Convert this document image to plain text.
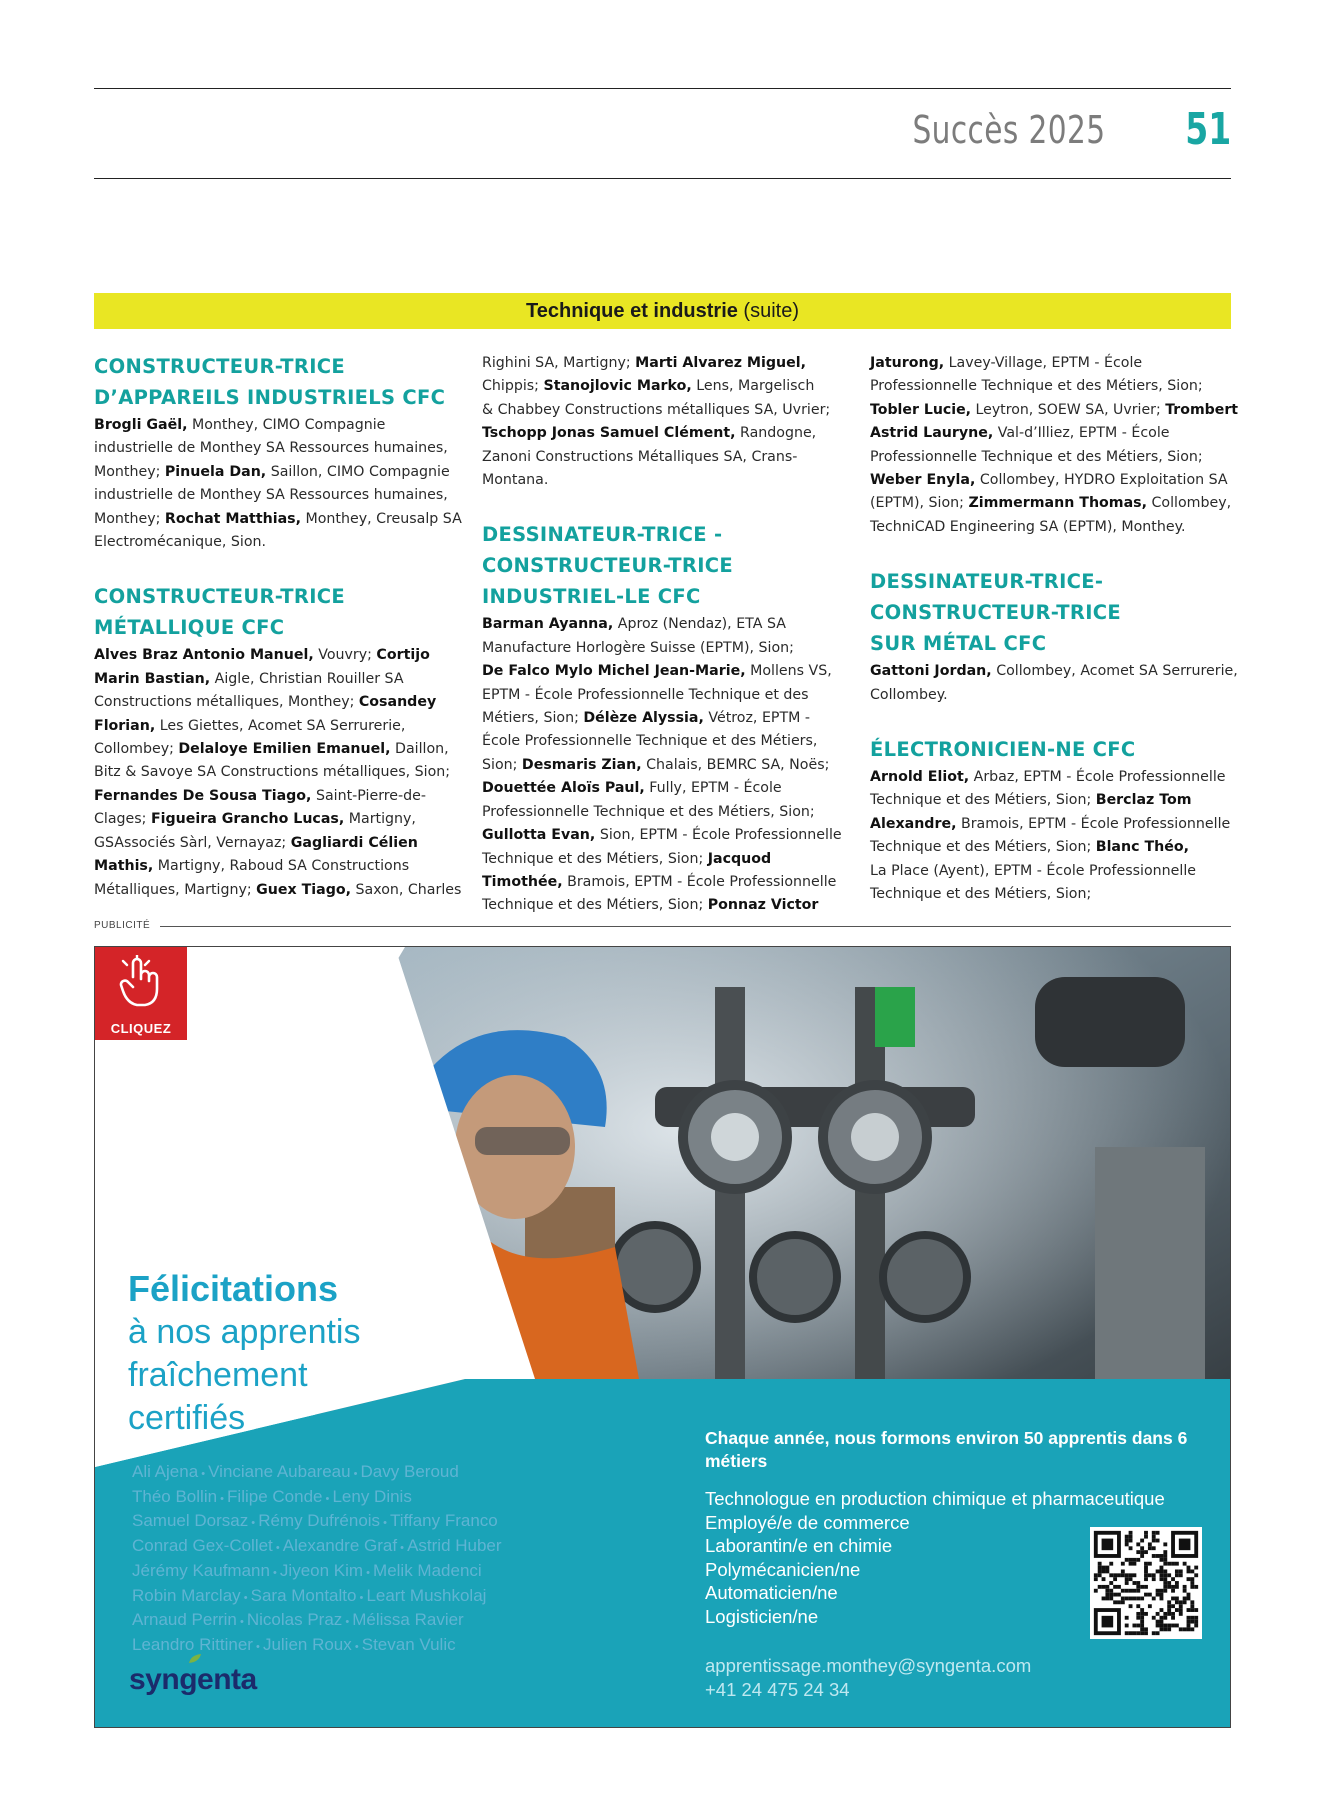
Succès 2025 51
Technique et industrie (suite)

CONSTRUCTEUR-TRICE

D’APPAREILS INDUSTRIELS CFC

Brogli Gaël, Monthey, CIMO Compagnie

industrielle de Monthey SA Ressources humaines,

Monthey; Pinuela Dan, Saillon, CIMO Compagnie

industrielle de Monthey SA Ressources humaines,

Monthey; Rochat Matthias, Monthey, Creusalp SA

Electromécanique, Sion.

CONSTRUCTEUR-TRICE

MÉTALLIQUE CFC

Alves Braz Antonio Manuel, Vouvry; Cortijo

Marin Bastian, Aigle, Christian Rouiller SA

Constructions métalliques, Monthey; Cosandey

Florian, Les Giettes, Acomet SA Serrurerie,

Collombey; Delaloye Emilien Emanuel, Daillon,

Bitz & Savoye SA Constructions métalliques, Sion;

Fernandes De Sousa Tiago, Saint-Pierre-de-

Clages; Figueira Grancho Lucas, Martigny,

GSAssociés Sàrl, Vernayaz; Gagliardi Célien

Mathis, Martigny, Raboud SA Constructions

Métalliques, Martigny; Guex Tiago, Saxon, Charles

Righini SA, Martigny; Marti Alvarez Miguel,

Chippis; Stanojlovic Marko, Lens, Margelisch

& Chabbey Constructions métalliques SA, Uvrier;

Tschopp Jonas Samuel Clément, Randogne,

Zanoni Constructions Métalliques SA, Crans-

Montana.

DESSINATEUR-TRICE -

CONSTRUCTEUR-TRICE

INDUSTRIEL-LE CFC

Barman Ayanna, Aproz (Nendaz), ETA SA

Manufacture Horlogère Suisse (EPTM), Sion;

De Falco Mylo Michel Jean-Marie, Mollens VS,

EPTM - École Professionnelle Technique et des

Métiers, Sion; Délèze Alyssia, Vétroz, EPTM -

École Professionnelle Technique et des Métiers,

Sion; Desmaris Zian, Chalais, BEMRC SA, Noës;

Douettée Aloïs Paul, Fully, EPTM - École

Professionnelle Technique et des Métiers, Sion;

Gullotta Evan, Sion, EPTM - École Professionnelle

Technique et des Métiers, Sion; Jacquod

Timothée, Bramois, EPTM - École Professionnelle

Technique et des Métiers, Sion; Ponnaz Victor

Jaturong, Lavey-Village, EPTM - École

Professionnelle Technique et des Métiers, Sion;

Tobler Lucie, Leytron, SOEW SA, Uvrier; Trombert

Astrid Lauryne, Val-d’Illiez, EPTM - École

Professionnelle Technique et des Métiers, Sion;

Weber Enyla, Collombey, HYDRO Exploitation SA

(EPTM), Sion; Zimmermann Thomas, Collombey,

TechniCAD Engineering SA (EPTM), Monthey.

DESSINATEUR-TRICE-

CONSTRUCTEUR-TRICE

SUR MÉTAL CFC

Gattoni Jordan, Collombey, Acomet SA Serrurerie,

Collombey.

ÉLECTRONICIEN-NE CFC

Arnold Eliot, Arbaz, EPTM - École Professionnelle

Technique et des Métiers, Sion; Berclaz Tom

Alexandre, Bramois, EPTM - École Professionnelle

Technique et des Métiers, Sion; Blanc Théo,

La Place (Ayent), EPTM - École Professionnelle

Technique et des Métiers, Sion;

PUBLICITÉ
CLIQUEZ
Félicitations
à nos apprentis
fraîchement
certifiés
Ali Ajena • Vinciane Aubareau • Davy Beroud
Théo Bollin • Filipe Conde • Leny Dinis
Samuel Dorsaz • Rémy Dufrénois • Tiffany Franco
Conrad Gex-Collet • Alexandre Graf • Astrid Huber
Jérémy Kaufmann • Jiyeon Kim • Melik Madenci
Robin Marclay • Sara Montalto • Leart Mushkolaj
Arnaud Perrin • Nicolas Praz • Mélissa Ravier
Leandro Rittiner • Julien Roux • Stevan Vulic
syngenta
Chaque année, nous formons environ 50 apprentis dans 6 métiers
Technologue en production chimique et pharmaceutique
Employé/e de commerce
Laborantin/e en chimie
Polymécanicien/ne
Automaticien/ne
Logisticien/ne
apprentissage.monthey@syngenta.com
+41 24 475 24 34
